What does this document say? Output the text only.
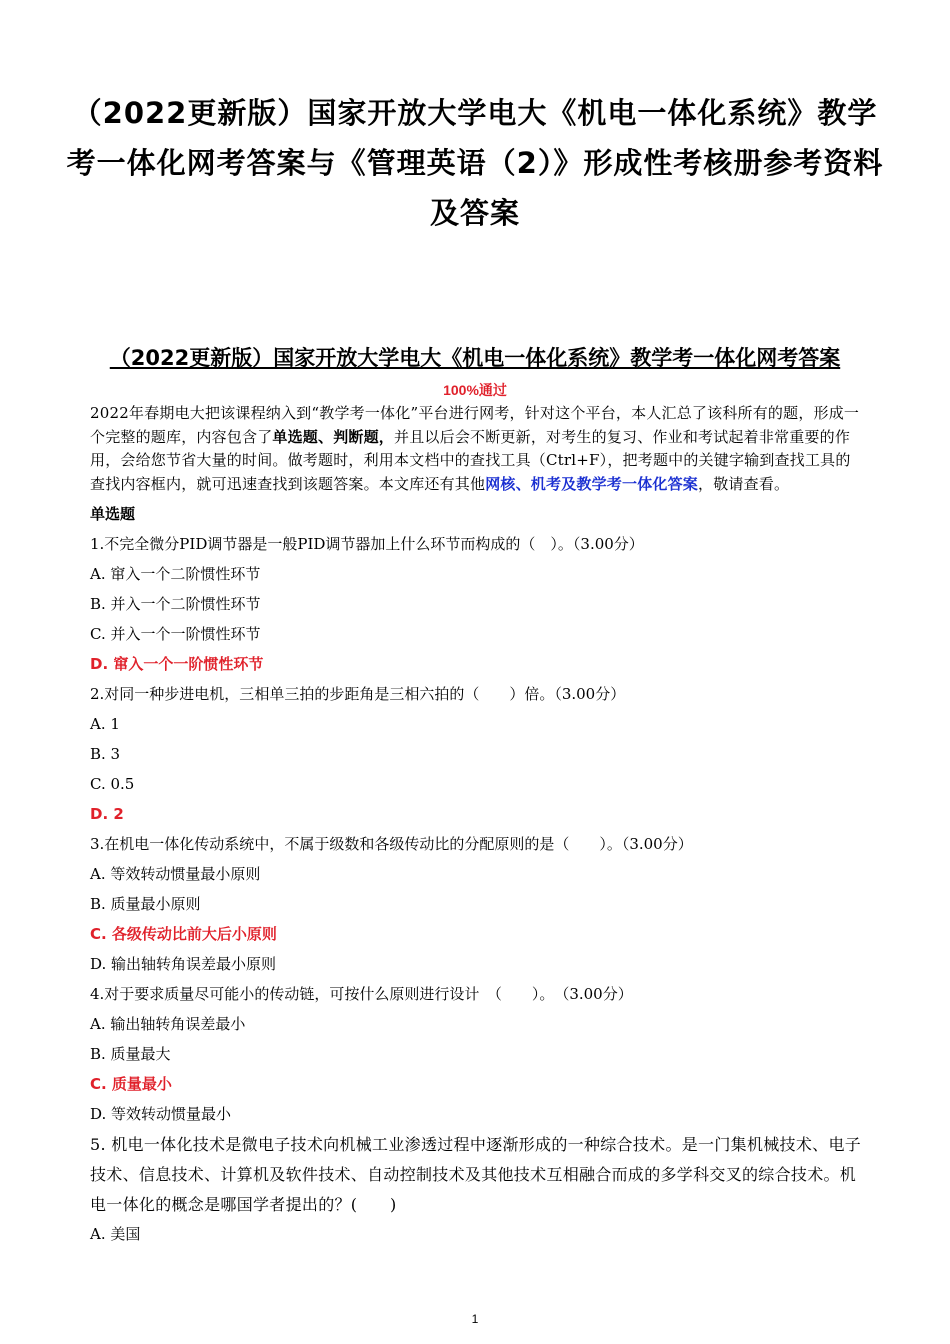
（2022更新版）国家开放大学电大《机电一体化系统》教学考一体化网考答案与《管理英语（2）》形成性考核册参考资料及答案
（2022更新版）国家开放大学电大《机电一体化系统》教学考一体化网考答案
100%通过
2022年春期电大把该课程纳入到“教学考一体化”平台进行网考，针对这个平台，本人汇总了该科所有的题，形成一个完整的题库，内容包含了单选题、判断题，并且以后会不断更新，对考生的复习、作业和考试起着非常重要的作用，会给您节省大量的时间。做考题时，利用本文档中的查找工具（Ctrl+F），把考题中的关键字输到查找工具的查找内容框内，就可迅速查找到该题答案。本文库还有其他网核、机考及教学考一体化答案，敬请查看。
单选题
1.不完全微分PID调节器是一般PID调节器加上什么环节而构成的（　）。（3.00分）
A. 窜入一个二阶惯性环节
B. 并入一个二阶惯性环节
C. 并入一个一阶惯性环节
D. 窜入一个一阶惯性环节
2.对同一种步进电机，三相单三拍的步距角是三相六拍的（　　）倍。（3.00分）
A. 1
B. 3
C. 0.5
D. 2
3.在机电一体化传动系统中，不属于级数和各级传动比的分配原则的是（　　）。（3.00分）
A. 等效转动惯量最小原则
B. 质量最小原则
C. 各级传动比前大后小原则
D. 输出轴转角误差最小原则
4.对于要求质量尽可能小的传动链，可按什么原则进行设计　（　　）。　（3.00分）
A. 输出轴转角误差最小
B. 质量最大
C. 质量最小
D. 等效转动惯量最小
5. 机电一体化技术是微电子技术向机械工业渗透过程中逐渐形成的一种综合技术。是一门集机械技术、电子技术、信息技术、计算机及软件技术、自动控制技术及其他技术互相融合而成的多学科交叉的综合技术。机电一体化的概念是哪国学者提出的？(　　)
A. 美国
1
